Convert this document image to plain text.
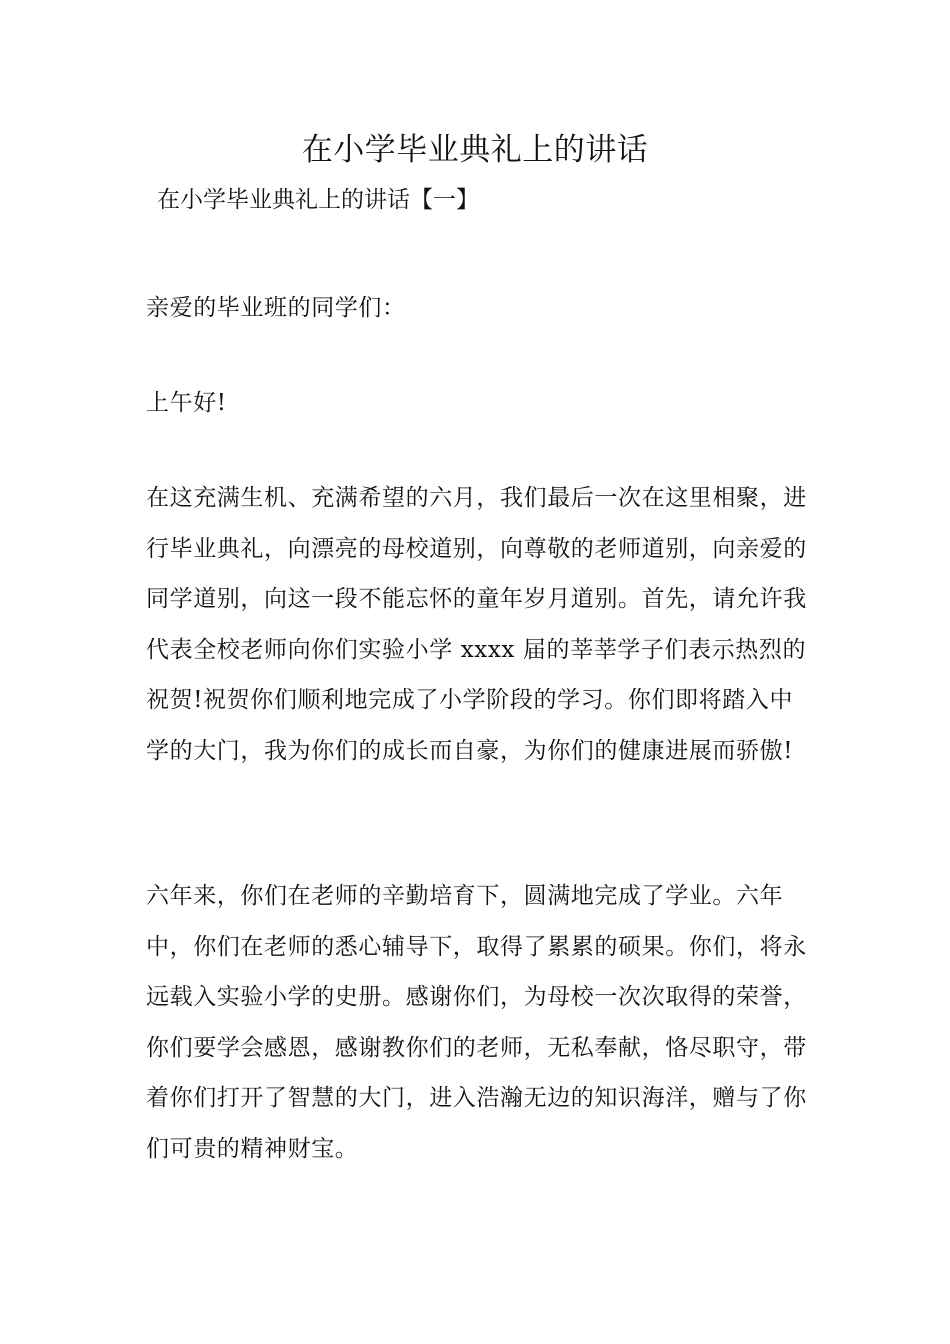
在小学毕业典礼上的讲话
在小学毕业典礼上的讲话【一】

亲爱的毕业班的同学们：

上午好!

在这充满生机、充满希望的六月，我们最后一次在这里相聚，进行毕业典礼，向漂亮的母校道别，向尊敬的老师道别，向亲爱的同学道别，向这一段不能忘怀的童年岁月道别。首先，请允许我代表全校老师向你们实验小学 xxxx 届的莘莘学子们表示热烈的祝贺!祝贺你们顺利地完成了小学阶段的学习。你们即将踏入中学的大门，我为你们的成长而自豪，为你们的健康进展而骄傲!

六年来，你们在老师的辛勤培育下，圆满地完成了学业。六年中，你们在老师的悉心辅导下，取得了累累的硕果。你们，将永远载入实验小学的史册。感谢你们，为母校一次次取得的荣誉，你们要学会感恩，感谢教你们的老师，无私奉献，恪尽职守，带着你们打开了智慧的大门，进入浩瀚无边的知识海洋，赠与了你们可贵的精神财宝。
